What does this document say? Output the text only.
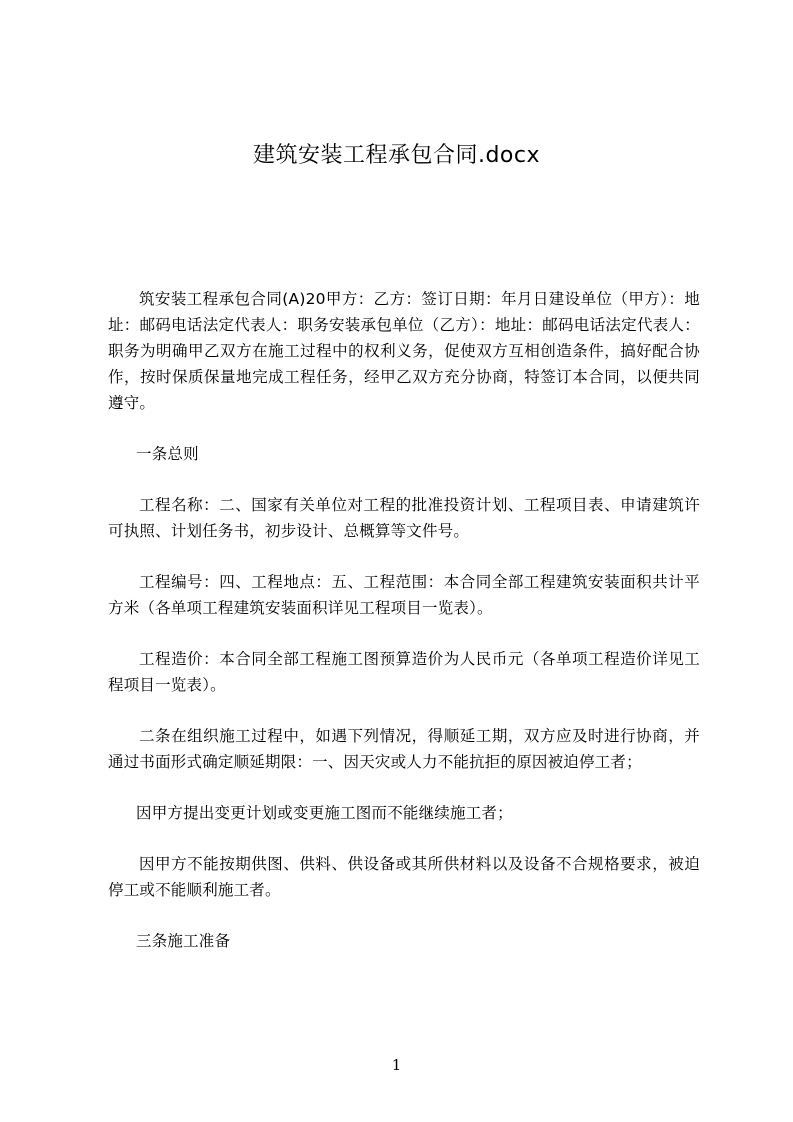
建筑安装工程承包合同.docx

筑安装工程承包合同(A)20甲方：乙方：签订日期：年月日建设单位（甲方）：地址：邮码电话法定代表人：职务安装承包单位（乙方）：地址：邮码电话法定代表人：职务为明确甲乙双方在施工过程中的权利义务，促使双方互相创造条件，搞好配合协作，按时保质保量地完成工程任务，经甲乙双方充分协商，特签订本合同，以便共同遵守。

一条总则

工程名称：二、国家有关单位对工程的批准投资计划、工程项目表、申请建筑许可执照、计划任务书，初步设计、总概算等文件号。

工程编号：四、工程地点：五、工程范围：本合同全部工程建筑安装面积共计平方米（各单项工程建筑安装面积详见工程项目一览表）。

工程造价：本合同全部工程施工图预算造价为人民币元（各单项工程造价详见工程项目一览表）。

二条在组织施工过程中，如遇下列情况，得顺延工期，双方应及时进行协商，并通过书面形式确定顺延期限：一、因天灾或人力不能抗拒的原因被迫停工者；

因甲方提出变更计划或变更施工图而不能继续施工者；

因甲方不能按期供图、供料、供设备或其所供材料以及设备不合规格要求，被迫停工或不能顺利施工者。

三条施工准备

1
